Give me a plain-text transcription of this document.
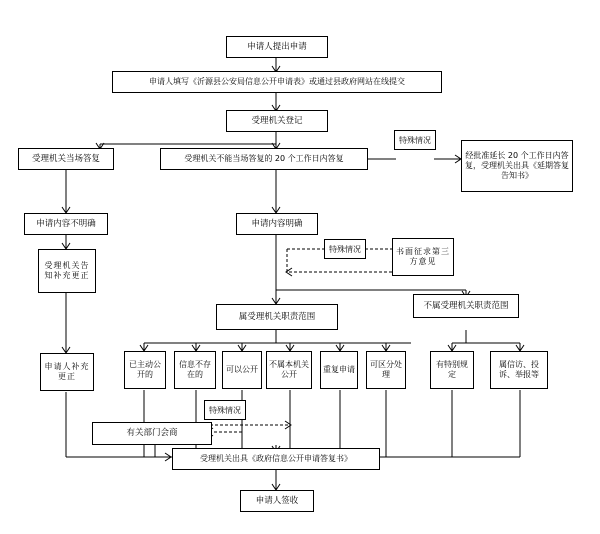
申请人提出申请
申请人填写《沂源县公安局信息公开申请表》或通过县政府网站在线提交
受理机关登记
受理机关当场答复	受理机关不能当场答复的 20 个工作日内答复	经批准延长 20 个工作日内答复，受理机关出具《延期答复告知书》
特殊情况
申请内容不明确	申请内容明确
特殊情况	书面征求第三方意见
受理机关告知补充更正
申请人补充更正
属受理机关职责范围
不属受理机关职责范围
已主动公开的
信息不存在的
可以公开
不属本机关公开
重复申请
可区分处理
有特别规定
属信访、投诉、举报等
特殊情况
有关部门会商
受理机关出具《政府信息公开申请答复书》
申请人签收
